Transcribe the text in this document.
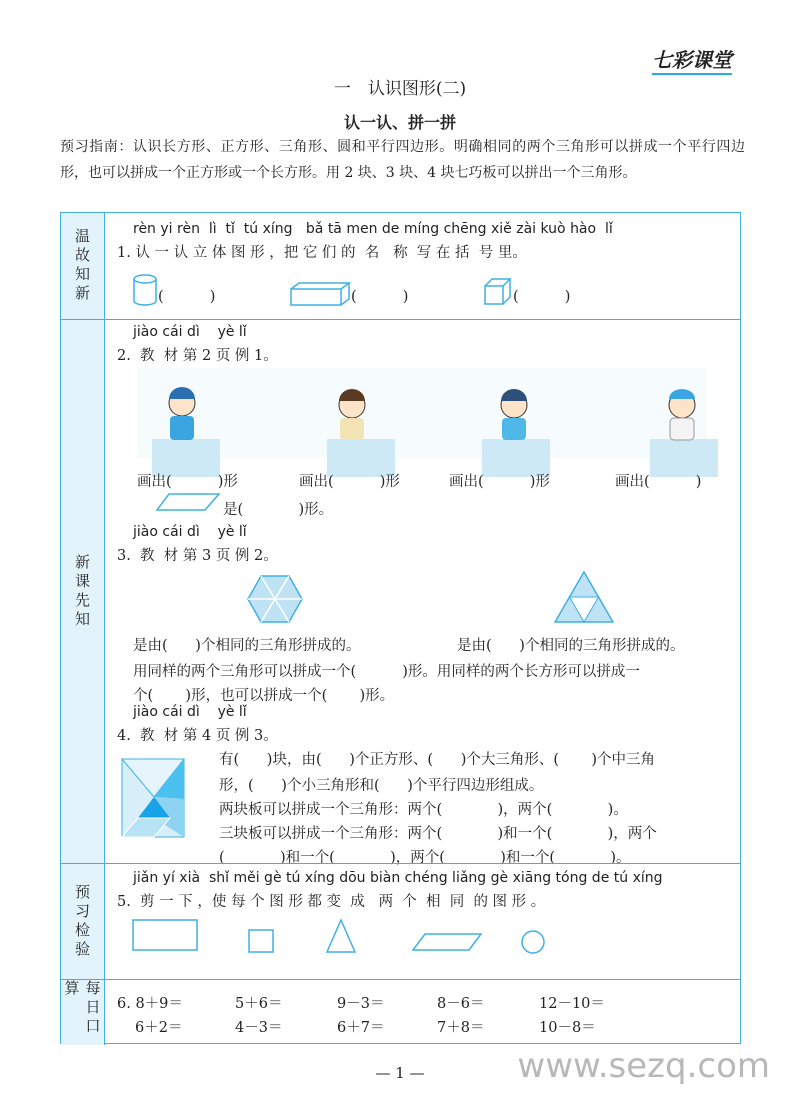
七彩课堂
一　认识图形(二)
认一认、拼一拼
预习指南：认识长方形、正方形、三角形、圆和平行四边形。明确相同的两个三角形可以拼成一个平行四边形，也可以拼成一个正方形或一个长方形。用 2 块、3 块、4 块七巧板可以拼出一个三角形。
温故知新	rèn yi rèn  lì  tǐ  tú xíng   bǎ tā men de míng chēng xiě zài kuò hào  lǐ
1. 认 一 认 立 体 图 形 ，把 它 们 的  名   称  写 在 括  号 里。
(          )	(          )	(          )
新课先知
jiào cái dì    yè lǐ
2.  教  材 第 2 页 例 1。

画出(          )形	画出(          )形	画出(          )形	画出(          )
是(            )形。
jiào cái dì    yè lǐ
3.  教  材 第 3 页 例 2。
是由(      )个相同的三角形拼成的。	是由(      )个相同的三角形拼成的。
用同样的两个三角形可以拼成一个(          )形。用同样的两个长方形可以拼成一
个(       )形，也可以拼成一个(       )形。
jiào cái dì    yè lǐ
4.  教  材 第 4 页 例 3。
有(      )块，由(      )个正方形、(      )个大三角形、(       )个中三角
形，(      )个小三角形和(      )个平行四边形组成。
两块板可以拼成一个三角形：两个(            )，两个(            )。
三块板可以拼成一个三角形：两个(            )和一个(            )，两个
(            )和一个(            )，两个(            )和一个(            )。
预习检验
jiǎn yí xià  shǐ měi gè tú xíng dōu biàn chéng liǎng gè xiāng tóng de tú xíng
5.  剪 一 下 ，使 每 个 图 形 都 变  成   两  个  相  同  的 图 形 。
每日口算
6. 8＋9＝	5＋6＝	9－3＝	8－6＝	12－10＝
6＋2＝	4－3＝	6＋7＝	7＋8＝	10－8＝
www.sezq.com
— 1 —
